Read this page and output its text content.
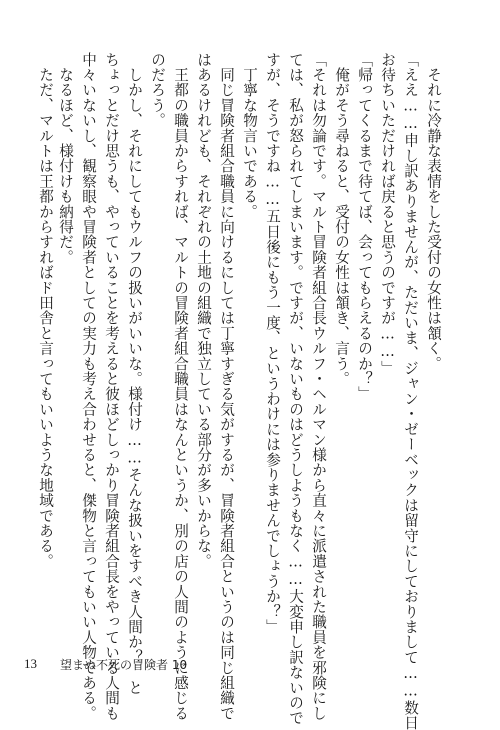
　それに冷静な表情をした受付の女性は頷く。
「ええ……申し訳ありませんが、ただいま、ジャン・ゼーベックは留守にしておりまして……数日
お待ちいただければ戻ると思うのですが……」
「帰ってくるまで待てば、会ってもらえるのか？」
　俺がそう尋ねると、受付の女性は頷き、言う。
「それは勿論です。マルト冒険者組合長ウルフ・ヘルマン様から直々に派遣された職員を邪険にし
ては、私が怒られてしまいます。ですが、いないものはどうしようもなく……大変申し訳ないので
すが、そうですね……五日後にもう一度、というわけには参りませんでしょうか？」
　丁寧な物言いである。
　同じ冒険者組合職員に向けるにしては丁寧すぎる気がするが、冒険者組合というのは同じ組織で
はあるけれども、それぞれの土地の組織で独立している部分が多いからな。
　王都の職員からすれば、マルトの冒険者組合職員はなんというか、別の店の人間のように感じる
のだろう。
　しかし、それにしてもウルフの扱いがいいな。様付け……そんな扱いをすべき人間か？　と
ちょっとだけ思うも、やっていることを考えると彼ほどしっかり冒険者組合長をやっている人間も
中々いないし、観察眼や冒険者としての実力も考え合わせると、傑物と言ってもいい人物である。
　なるほど、様付けも納得だ。
　ただ、マルトは王都からすればド田舎と言ってもいいような地域である。
13 望まぬ不死の冒険者 10
